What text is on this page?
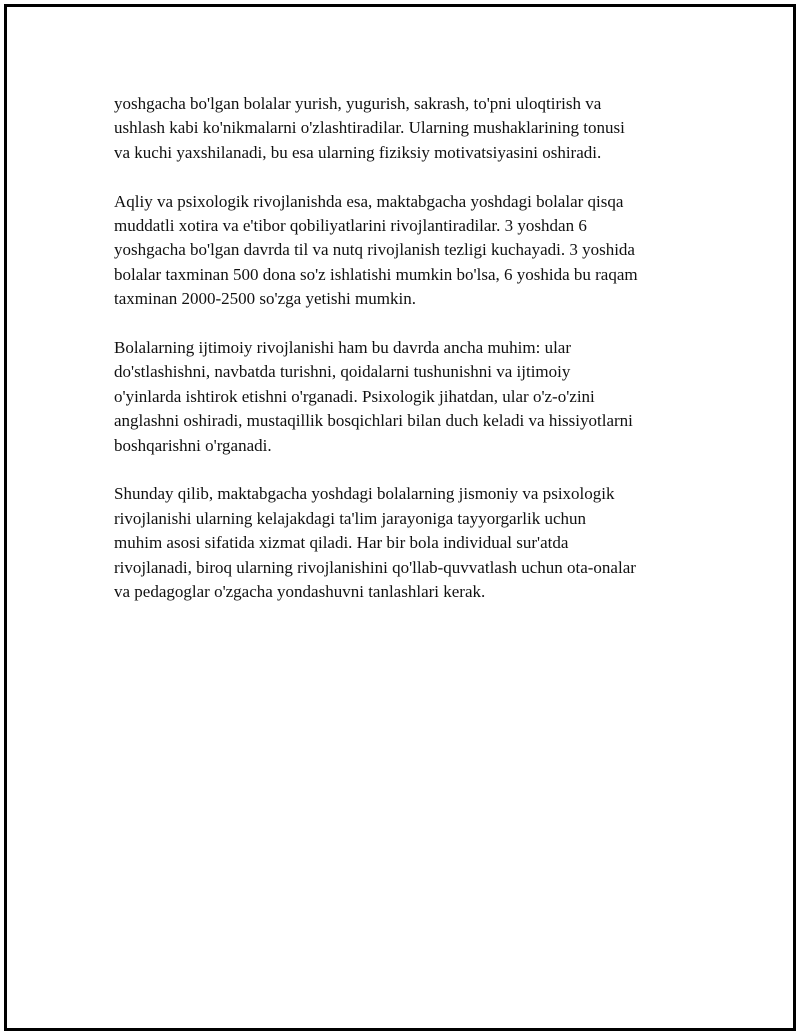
yoshgacha bo'lgan bolalar yurish, yugurish, sakrash, to'pni uloqtirish va
ushlash kabi ko'nikmalarni o'zlashtiradilar. Ularning mushaklarining tonusi
va kuchi yaxshilanadi, bu esa ularning fiziksiy motivatsiyasini oshiradi.

Aqliy va psixologik rivojlanishda esa, maktabgacha yoshdagi bolalar qisqa
muddatli xotira va e'tibor qobiliyatlarini rivojlantiradilar. 3 yoshdan 6
yoshgacha bo'lgan davrda til va nutq rivojlanish tezligi kuchayadi. 3 yoshida
bolalar taxminan 500 dona so'z ishlatishi mumkin bo'lsa, 6 yoshida bu raqam
taxminan 2000-2500 so'zga yetishi mumkin.

Bolalarning ijtimoiy rivojlanishi ham bu davrda ancha muhim: ular
do'stlashishni, navbatda turishni, qoidalarni tushunishni va ijtimoiy
o'yinlarda ishtirok etishni o'rganadi. Psixologik jihatdan, ular o'z-o'zini
anglashni oshiradi, mustaqillik bosqichlari bilan duch keladi va hissiyotlarni
boshqarishni o'rganadi.

Shunday qilib, maktabgacha yoshdagi bolalarning jismoniy va psixologik
rivojlanishi ularning kelajakdagi ta'lim jarayoniga tayyorgarlik uchun
muhim asosi sifatida xizmat qiladi. Har bir bola individual sur'atda
rivojlanadi, biroq ularning rivojlanishini qo'llab-quvvatlash uchun ota-onalar
va pedagoglar o'zgacha yondashuvni tanlashlari kerak.
